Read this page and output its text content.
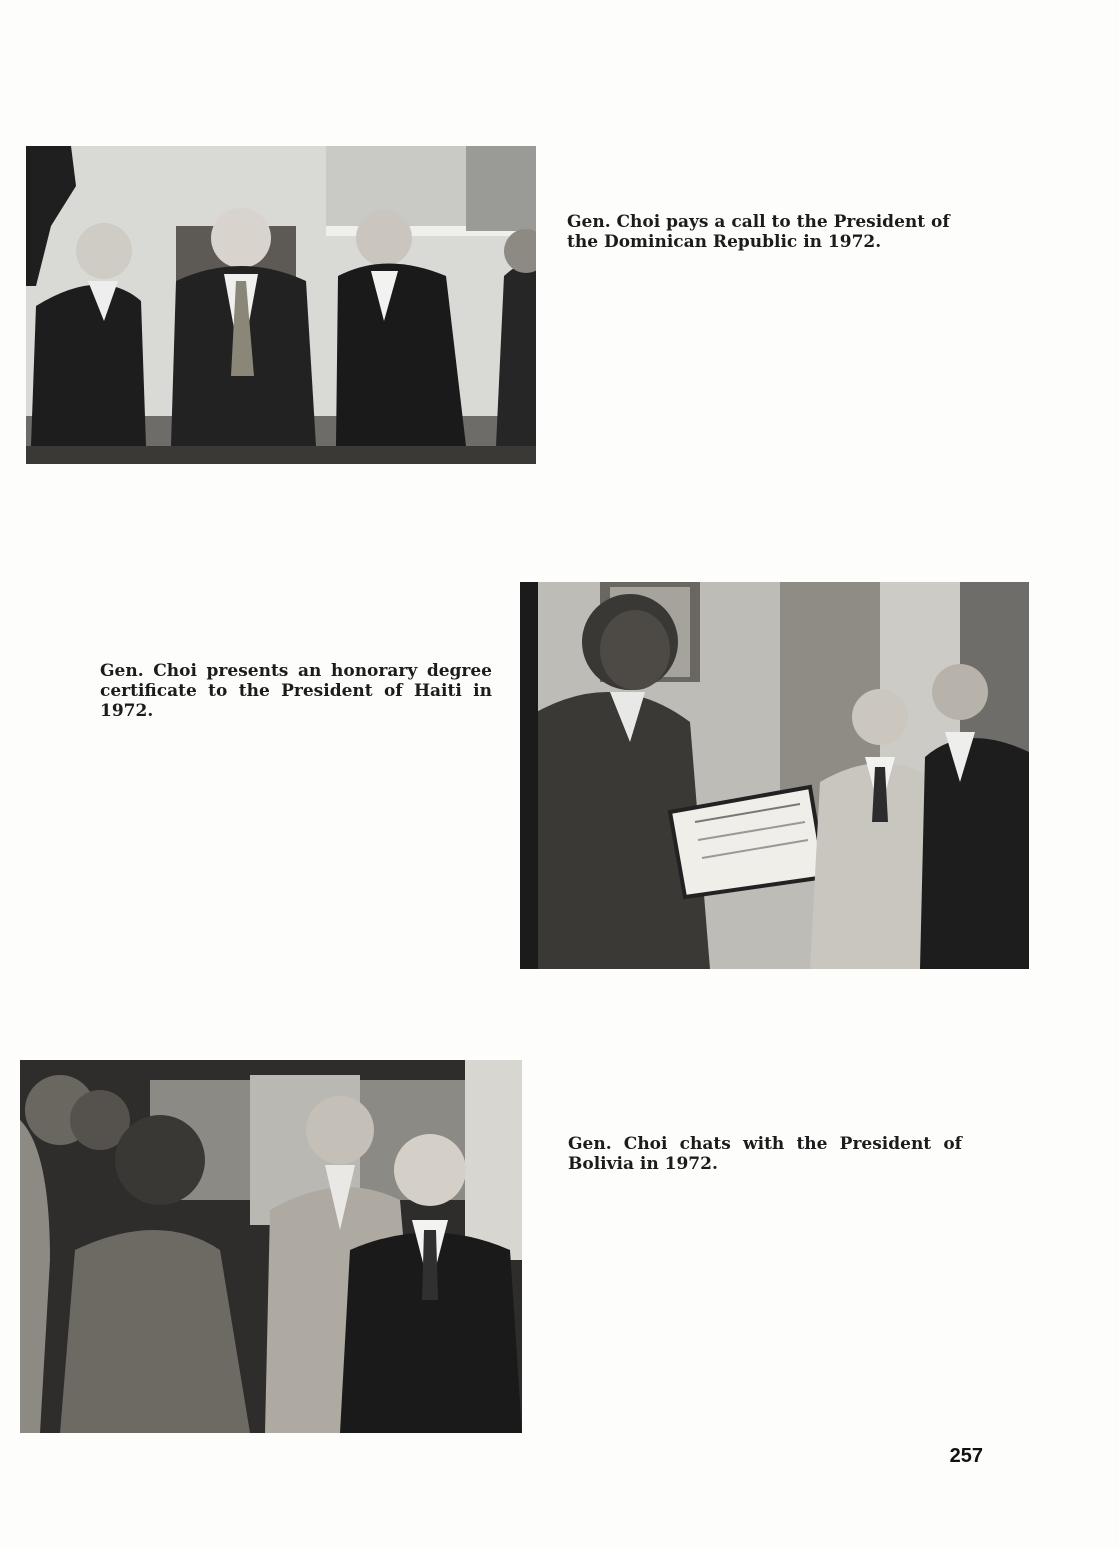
Gen. Choi pays a call to the President of the Dominican Republic in 1972.
Gen. Choi presents an honorary degree certificate to the President of Haiti in 1972.
Gen. Choi chats with the President of Bolivia in 1972.
257
